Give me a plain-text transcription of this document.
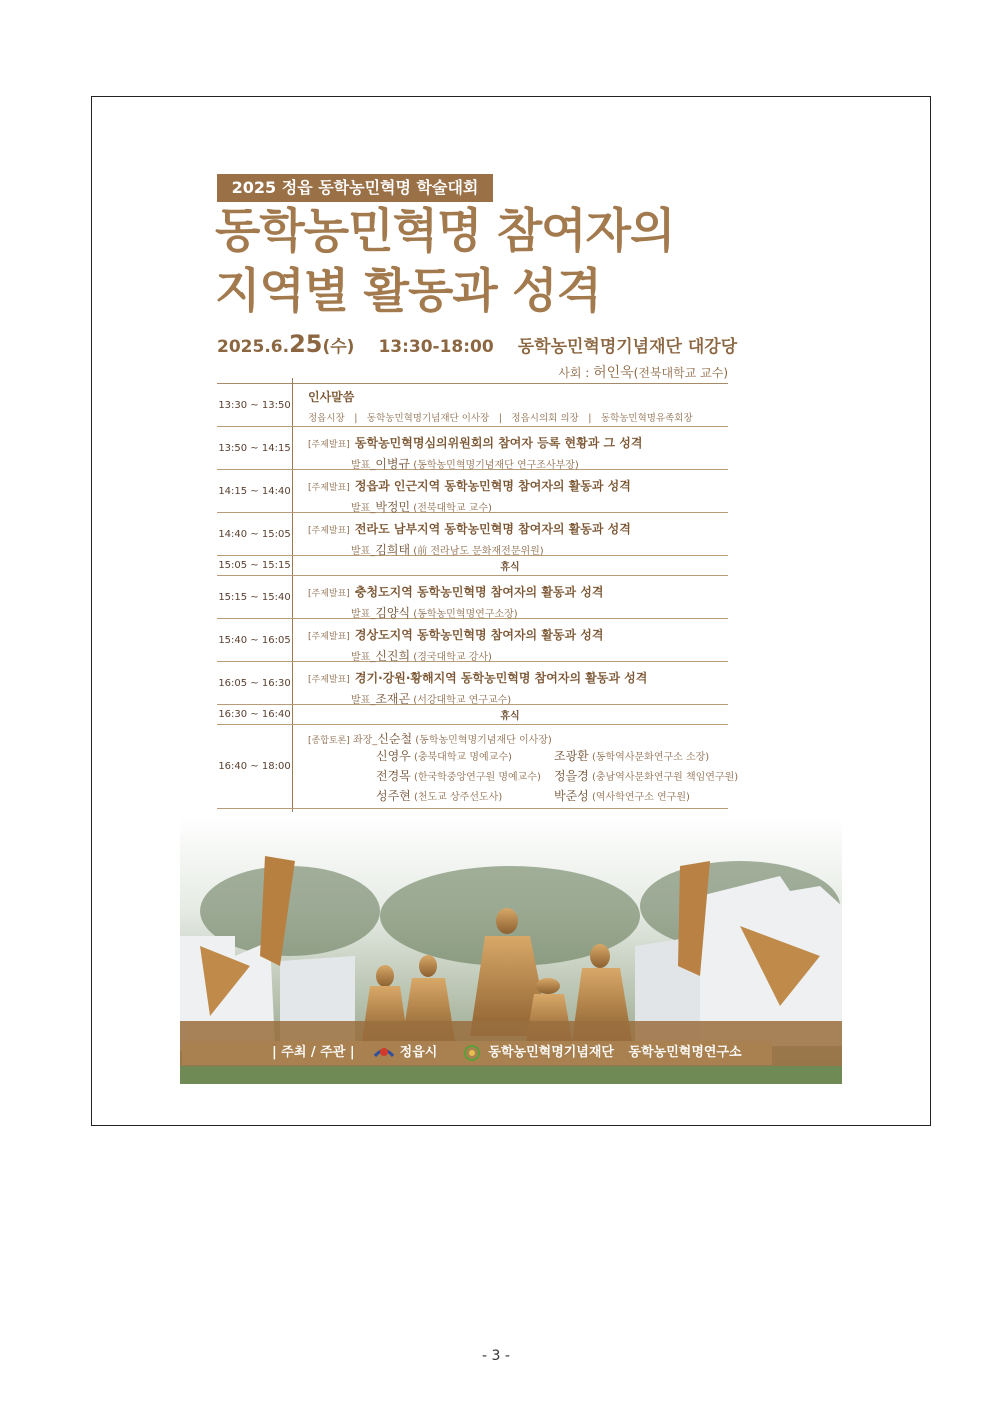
2025 정읍 동학농민혁명 학술대회
동학농민혁명 참여자의
지역별 활동과 성격
2025.6.25(수) 13:30-18:00 동학농민혁명기념재단 대강당
사회 : 허인욱(전북대학교 교수)
13:30 ~ 13:50
인사말씀
정읍시장　|　동학농민혁명기념재단 이사장　|　정읍시의회 의장　|　동학농민혁명유족회장
13:50 ~ 14:15 [주제발표] 동학농민혁명심의위원회의 참여자 등록 현황과 그 성격
발표_이병규 (동학농민혁명기념재단 연구조사부장)
14:15 ~ 14:40 [주제발표] 정읍과 인근지역 동학농민혁명 참여자의 활동과 성격
발표_박정민 (전북대학교 교수)
14:40 ~ 15:05 [주제발표] 전라도 남부지역 동학농민혁명 참여자의 활동과 성격
발표_김희태 (前 전라남도 문화재전문위원)
15:05 ~ 15:15	휴식
15:15 ~ 15:40 [주제발표] 충청도지역 동학농민혁명 참여자의 활동과 성격
발표_김양식 (동학농민혁명연구소장)
15:40 ~ 16:05 [주제발표] 경상도지역 동학농민혁명 참여자의 활동과 성격
발표_신진희 (경국대학교 강사)
16:05 ~ 16:30 [주제발표] 경기·강원·황해지역 동학농민혁명 참여자의 활동과 성격
발표_조재곤 (서강대학교 연구교수)
16:30 ~ 16:40	휴식
16:40 ~ 18:00
[종합토론] 좌장_신순철 (동학농민혁명기념재단 이사장)
신영우 (충북대학교 명예교수)	조광환 (동학역사문화연구소 소장)
전경목 (한국학중앙연구원 명예교수) 정을경 (충남역사문화연구원 책임연구원)
성주현 (천도교 상주선도사)	박준성 (역사학연구소 연구원)
| 주최 / 주관 |	정읍시	동학농민혁명기념재단 동학농민혁명연구소
- 3 -
